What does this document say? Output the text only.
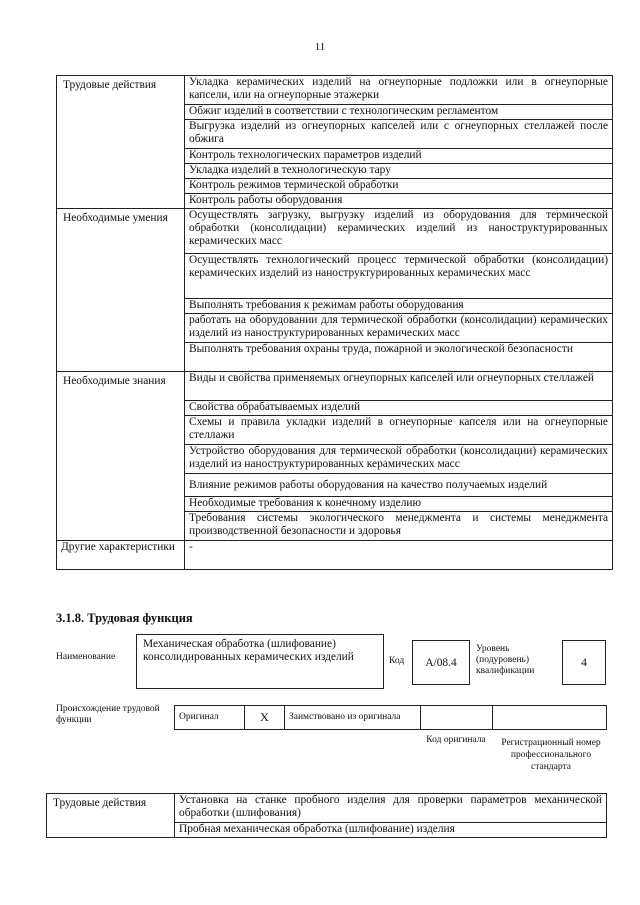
11
Трудовые действия	Укладка керамических изделий на огнеупорные подложки или в огнеупорные капсели, или на огнеупорные этажерки
	Обжиг изделий в соответствии с технологическим регламентом
	Выгрузка изделий из огнеупорных капселей или с огнеупорных стеллажей после обжига
	Контроль технологических параметров изделий
	Укладка изделий в технологическую тару
	Контроль режимов термической обработки
	Контроль работы оборудования
Необходимые умения	Осуществлять загрузку, выгрузку изделий из оборудования для термической обработки (консолидации) керамических изделий из наноструктурированных керамических масс
	Осуществлять технологический процесс термической обработки (консолидации) керамических изделий из наноструктурированных керамических масс
	Выполнять требования к режимам работы оборудования
	работать на оборудовании для термической обработки (консолидации) керамических изделий из наноструктурированных керамических масс
	Выполнять требования охраны труда, пожарной и экологической безопасности
Необходимые знания	Виды и свойства применяемых огнеупорных капселей или огнеупорных стеллажей
	Свойства обрабатываемых изделий
	Схемы и правила укладки изделий в огнеупорные капселя или на огнеупорные стеллажи
	Устройство оборудования для термической обработки (консолидации) керамических изделий из наноструктурированных керамических масс
	Влияние режимов работы оборудования на качество получаемых изделий
	Необходимые требования к конечному изделию
	Требования системы экологического менеджмента и системы менеджмента производственной безопасности и здоровья
Другие характеристики	-
3.1.8. Трудовая функция
Наименование
Механическая обработка (шлифование) консолидированных керамических изделий	Код	А/08.4
Уровень (подуровень) квалификации
4
Происхождение трудовой функции	Оригинал	X	Заимствовано из оригинала		
Код оригинала	Регистрационный номер профессионального стандарта
Трудовые действия	Установка на станке пробного изделия для проверки параметров механической обработки (шлифования)
Пробная механическая обработка (шлифование) изделия
